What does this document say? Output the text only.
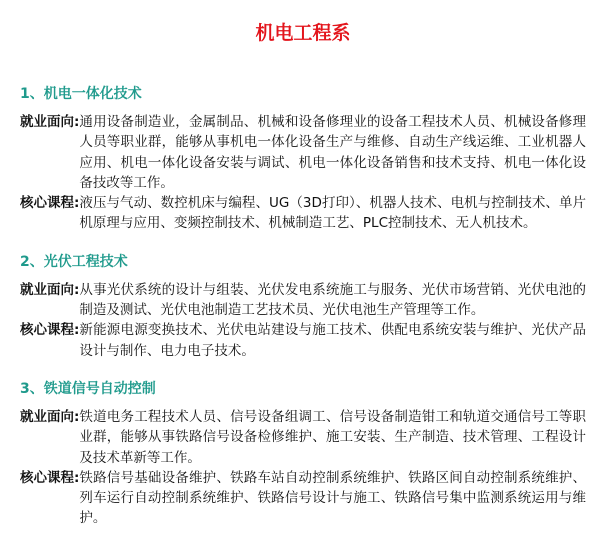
机电工程系
1、机电一体化技术
就业面向: 通用设备制造业，金属制品、机械和设备修理业的设备工程技术人员、机械设备修理人员等职业群，能够从事机电一体化设备生产与维修、自动生产线运维、工业机器人应用、机电一体化设备安装与调试、机电一体化设备销售和技术支持、机电一体化设备技改等工作。
核心课程: 液压与气动、数控机床与编程、UG（3D打印）、机器人技术、电机与控制技术、单片机原理与应用、变频控制技术、机械制造工艺、PLC控制技术、无人机技术。
2、光伏工程技术
就业面向: 从事光伏系统的设计与组装、光伏发电系统施工与服务、光伏市场营销、光伏电池的制造及测试、光伏电池制造工艺技术员、光伏电池生产管理等工作。
核心课程: 新能源电源变换技术、光伏电站建设与施工技术、供配电系统安装与维护、光伏产品设计与制作、电力电子技术。
3、铁道信号自动控制
就业面向: 铁道电务工程技术人员、信号设备组调工、信号设备制造钳工和轨道交通信号工等职业群，能够从事铁路信号设备检修维护、施工安装、生产制造、技术管理、工程设计及技术革新等工作。
核心课程: 铁路信号基础设备维护、铁路车站自动控制系统维护、铁路区间自动控制系统维护、列车运行自动控制系统维护、铁路信号设计与施工、铁路信号集中监测系统运用与维护。
